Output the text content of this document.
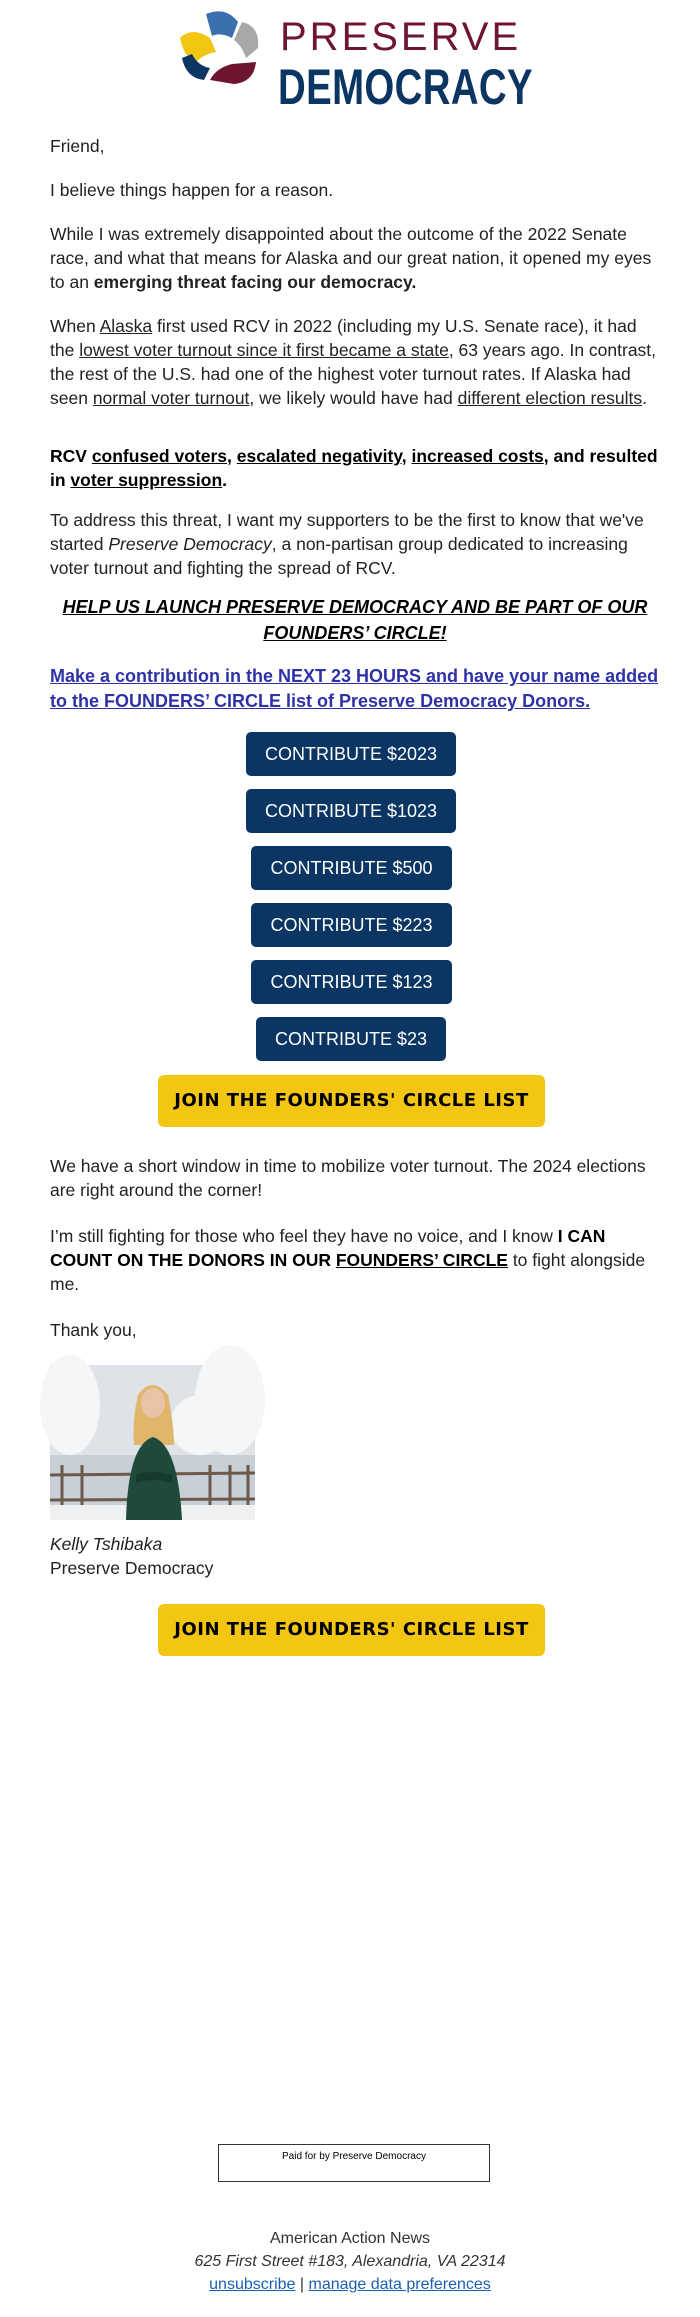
PRESERVE
DEMOCRACY

Friend,

I believe things happen for a reason.

While I was extremely disappointed about the outcome of the 2022 Senate race, and what that means for Alaska and our great nation, it opened my eyes to an emerging threat facing our democracy.

When Alaska first used RCV in 2022 (including my U.S. Senate race), it had the lowest voter turnout since it first became a state, 63 years ago. In contrast, the rest of the U.S. had one of the highest voter turnout rates. If Alaska had seen normal voter turnout, we likely would have had different election results.

RCV confused voters, escalated negativity, increased costs, and resulted in voter suppression.

To address this threat, I want my supporters to be the first to know that we've started Preserve Democracy, a non-partisan group dedicated to increasing voter turnout and fighting the spread of RCV.

HELP US LAUNCH PRESERVE DEMOCRACY AND BE PART OF OUR FOUNDERS’ CIRCLE!

Make a contribution in the NEXT 23 HOURS and have your name added to the FOUNDERS’ CIRCLE list of Preserve Democracy Donors.
CONTRIBUTE $2023
CONTRIBUTE $1023
CONTRIBUTE $500
CONTRIBUTE $223
CONTRIBUTE $123
CONTRIBUTE $23
JOIN THE FOUNDERS' CIRCLE LIST

We have a short window in time to mobilize voter turnout. The 2024 elections are right around the corner!

I’m still fighting for those who feel they have no voice, and I know I CAN COUNT ON THE DONORS IN OUR FOUNDERS’ CIRCLE to fight alongside me.

Thank you,

Kelly Tshibaka

Preserve Democracy

JOIN THE FOUNDERS' CIRCLE LIST
Paid for by Preserve Democracy
American Action News
625 First Street #183, Alexandria, VA 22314
unsubscribe | manage data preferences
